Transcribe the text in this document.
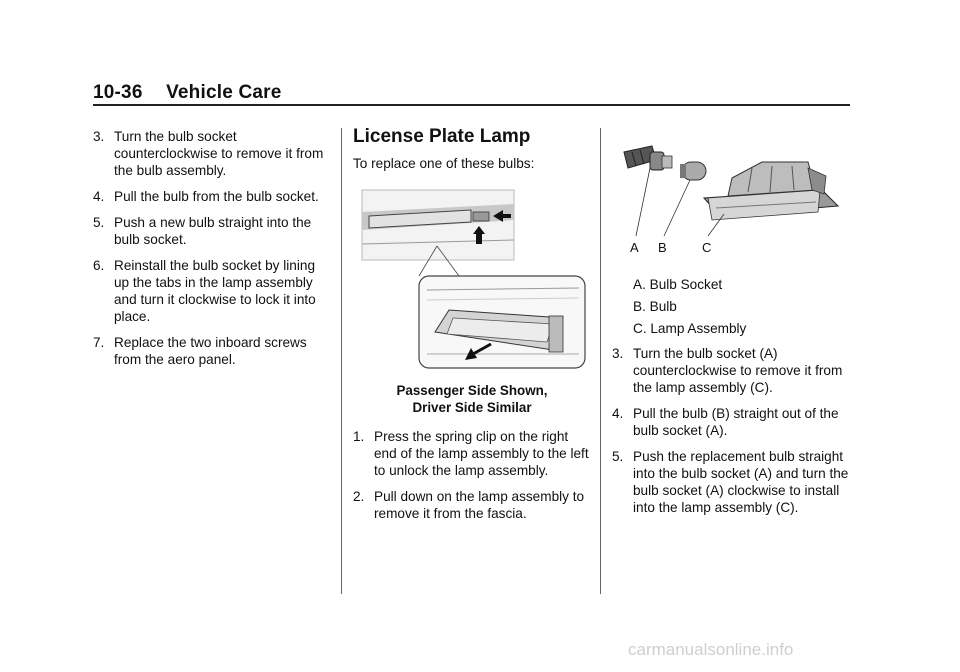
10-36 Vehicle Care
3. Turn the bulb socket counterclockwise to remove it from the bulb assembly.
4. Pull the bulb from the bulb socket.
5. Push a new bulb straight into the bulb socket.
6. Reinstall the bulb socket by lining up the tabs in the lamp assembly and turn it clockwise to lock it into place.
7. Replace the two inboard screws from the aero panel.
License Plate Lamp
To replace one of these bulbs:
Passenger Side Shown,
Driver Side Similar
1. Press the spring clip on the right end of the lamp assembly to the left to unlock the lamp assembly.
2. Pull down on the lamp assembly to remove it from the fascia.
A B	C
A. Bulb Socket
B. Bulb
C. Lamp Assembly
3. Turn the bulb socket (A) counterclockwise to remove it from the lamp assembly (C).
4. Pull the bulb (B) straight out of the bulb socket (A).
5. Push the replacement bulb straight into the bulb socket (A) and turn the bulb socket (A) clockwise to install into the lamp assembly (C).
carmanualsonline.info
